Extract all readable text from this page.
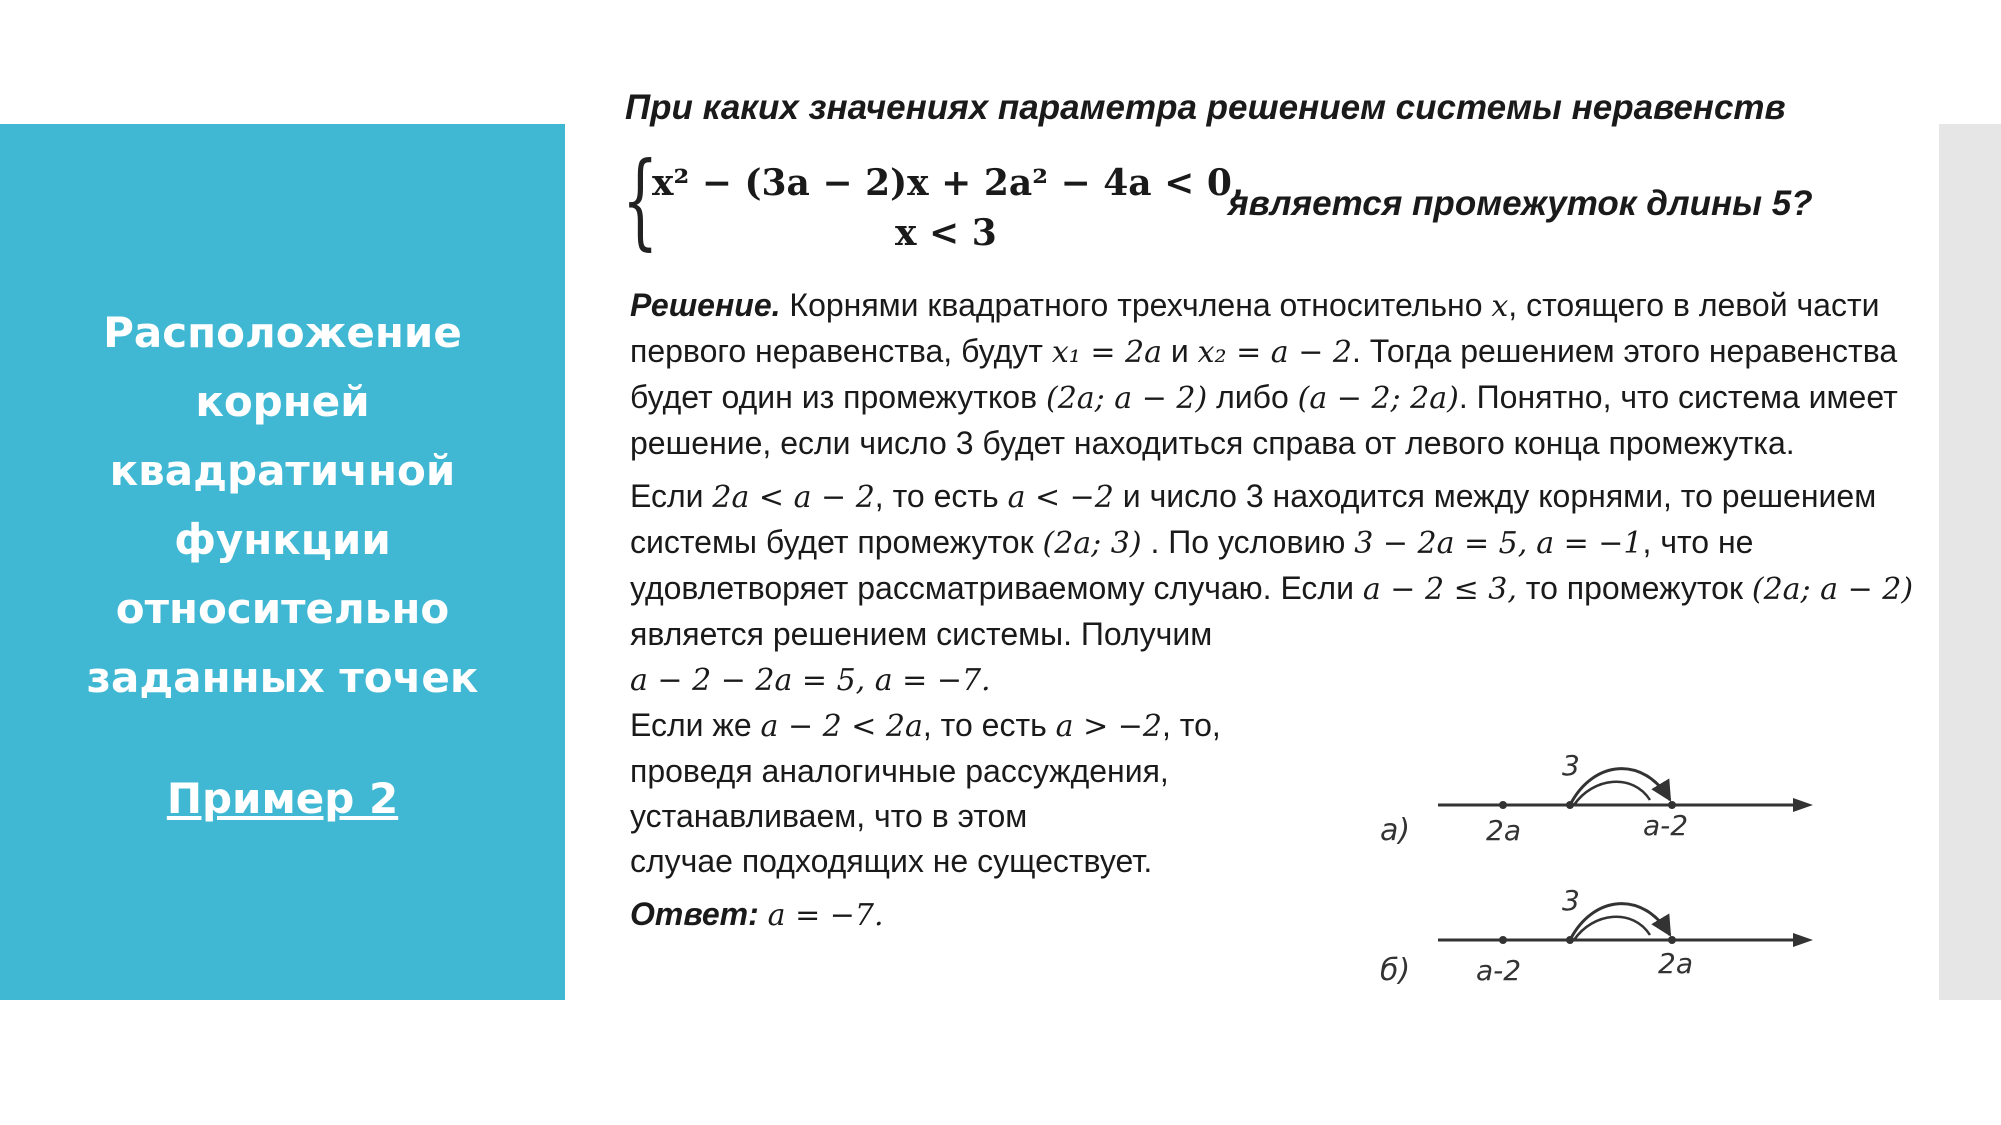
Расположение
корней
квадратичной
функции
относительно
заданных точек
Пример 2
При каких значениях параметра решением системы неравенств
{
x² − (3a − 2)x + 2a² − 4a < 0,
x < 3
является промежуток длины 5?

Решение. Корнями квадратного трехчлена относительно x, стоящего в левой части первого неравенства, будут x₁ = 2a и x₂ = a − 2. Тогда решением этого неравенства будет один из промежутков (2a; a − 2) либо (a − 2; 2a). Понятно, что система имеет решение, если число 3 будет находиться справа от левого конца промежутка.

Если 2a < a − 2, то есть a < −2 и число 3 находится между корнями, то решением системы будет промежуток (2a; 3) . По условию 3 − 2a = 5, a = −1, что не удовлетворяет рассматриваемому случаю. Если a − 2 ≤ 3, то промежуток (2a; a − 2) является решением системы. Получим
a − 2 − 2a = 5, a = −7.

Если же a − 2 < 2a, то есть a > −2, то, проведя аналогичные рассуждения, устанавливаем, что в этом
случае подходящих не существует.

Ответ: a = −7.

а)	2a
3
a-2
б) a-2
3
2a
